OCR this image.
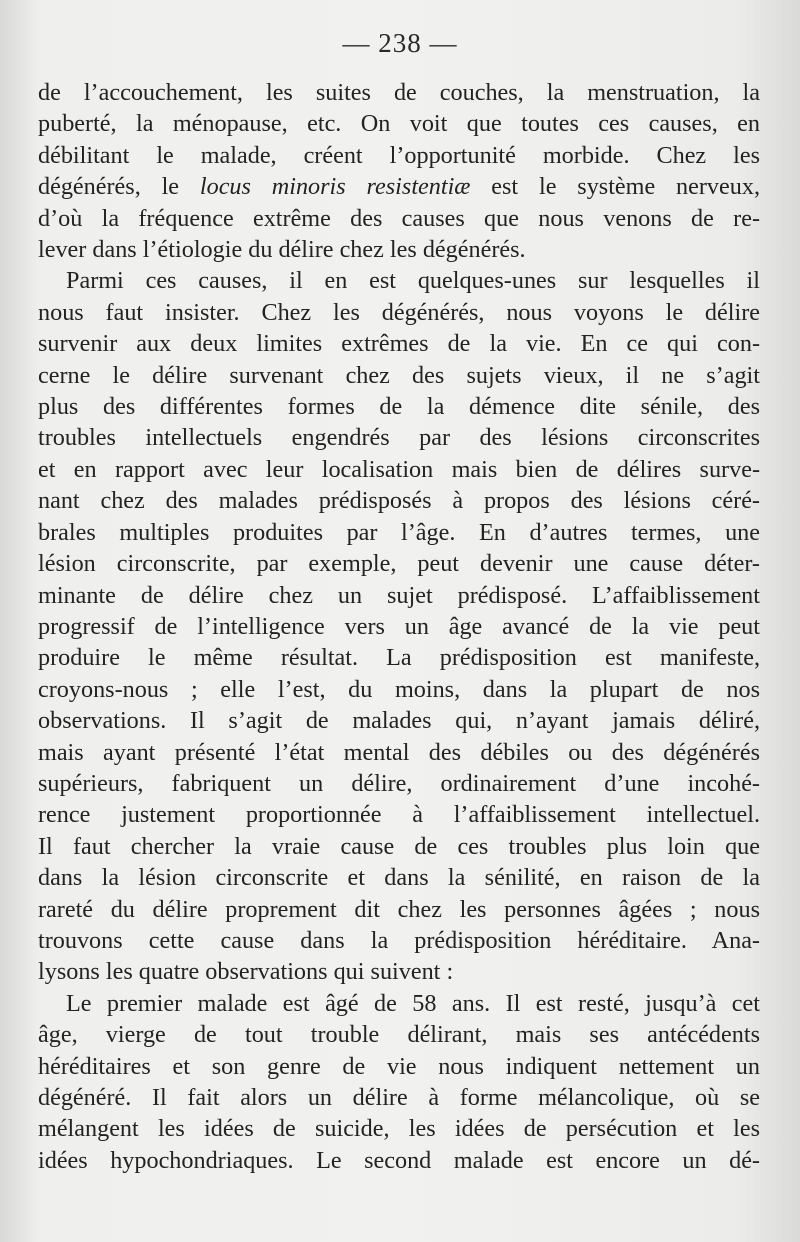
— 238 —
de l’accouchement, les suites de couches, la menstruation, la
puberté, la ménopause, etc. On voit que toutes ces causes, en
débilitant le malade, créent l’opportunité morbide. Chez les
dégénérés, le locus minoris resistentiæ est le système nerveux,
d’où la fréquence extrême des causes que nous venons de re-
lever dans l’étiologie du délire chez les dégénérés.
Parmi ces causes, il en est quelques-unes sur lesquelles il
nous faut insister. Chez les dégénérés, nous voyons le délire
survenir aux deux limites extrêmes de la vie. En ce qui con-
cerne le délire survenant chez des sujets vieux, il ne s’agit
plus des différentes formes de la démence dite sénile, des
troubles intellectuels engendrés par des lésions circonscrites
et en rapport avec leur localisation mais bien de délires surve-
nant chez des malades prédisposés à propos des lésions céré-
brales multiples produites par l’âge. En d’autres termes, une
lésion circonscrite, par exemple, peut devenir une cause déter-
minante de délire chez un sujet prédisposé. L’affaiblissement
progressif de l’intelligence vers un âge avancé de la vie peut
produire le même résultat. La prédisposition est manifeste,
croyons-nous ; elle l’est, du moins, dans la plupart de nos
observations. Il s’agit de malades qui, n’ayant jamais déliré,
mais ayant présenté l’état mental des débiles ou des dégénérés
supérieurs, fabriquent un délire, ordinairement d’une incohé-
rence justement proportionnée à l’affaiblissement intellectuel.
Il faut chercher la vraie cause de ces troubles plus loin que
dans la lésion circonscrite et dans la sénilité, en raison de la
rareté du délire proprement dit chez les personnes âgées ; nous
trouvons cette cause dans la prédisposition héréditaire. Ana-
lysons les quatre observations qui suivent :
Le premier malade est âgé de 58 ans. Il est resté, jusqu’à cet
âge, vierge de tout trouble délirant, mais ses antécédents
héréditaires et son genre de vie nous indiquent nettement un
dégénéré. Il fait alors un délire à forme mélancolique, où se
mélangent les idées de suicide, les idées de persécution et les
idées hypochondriaques. Le second malade est encore un dé-
